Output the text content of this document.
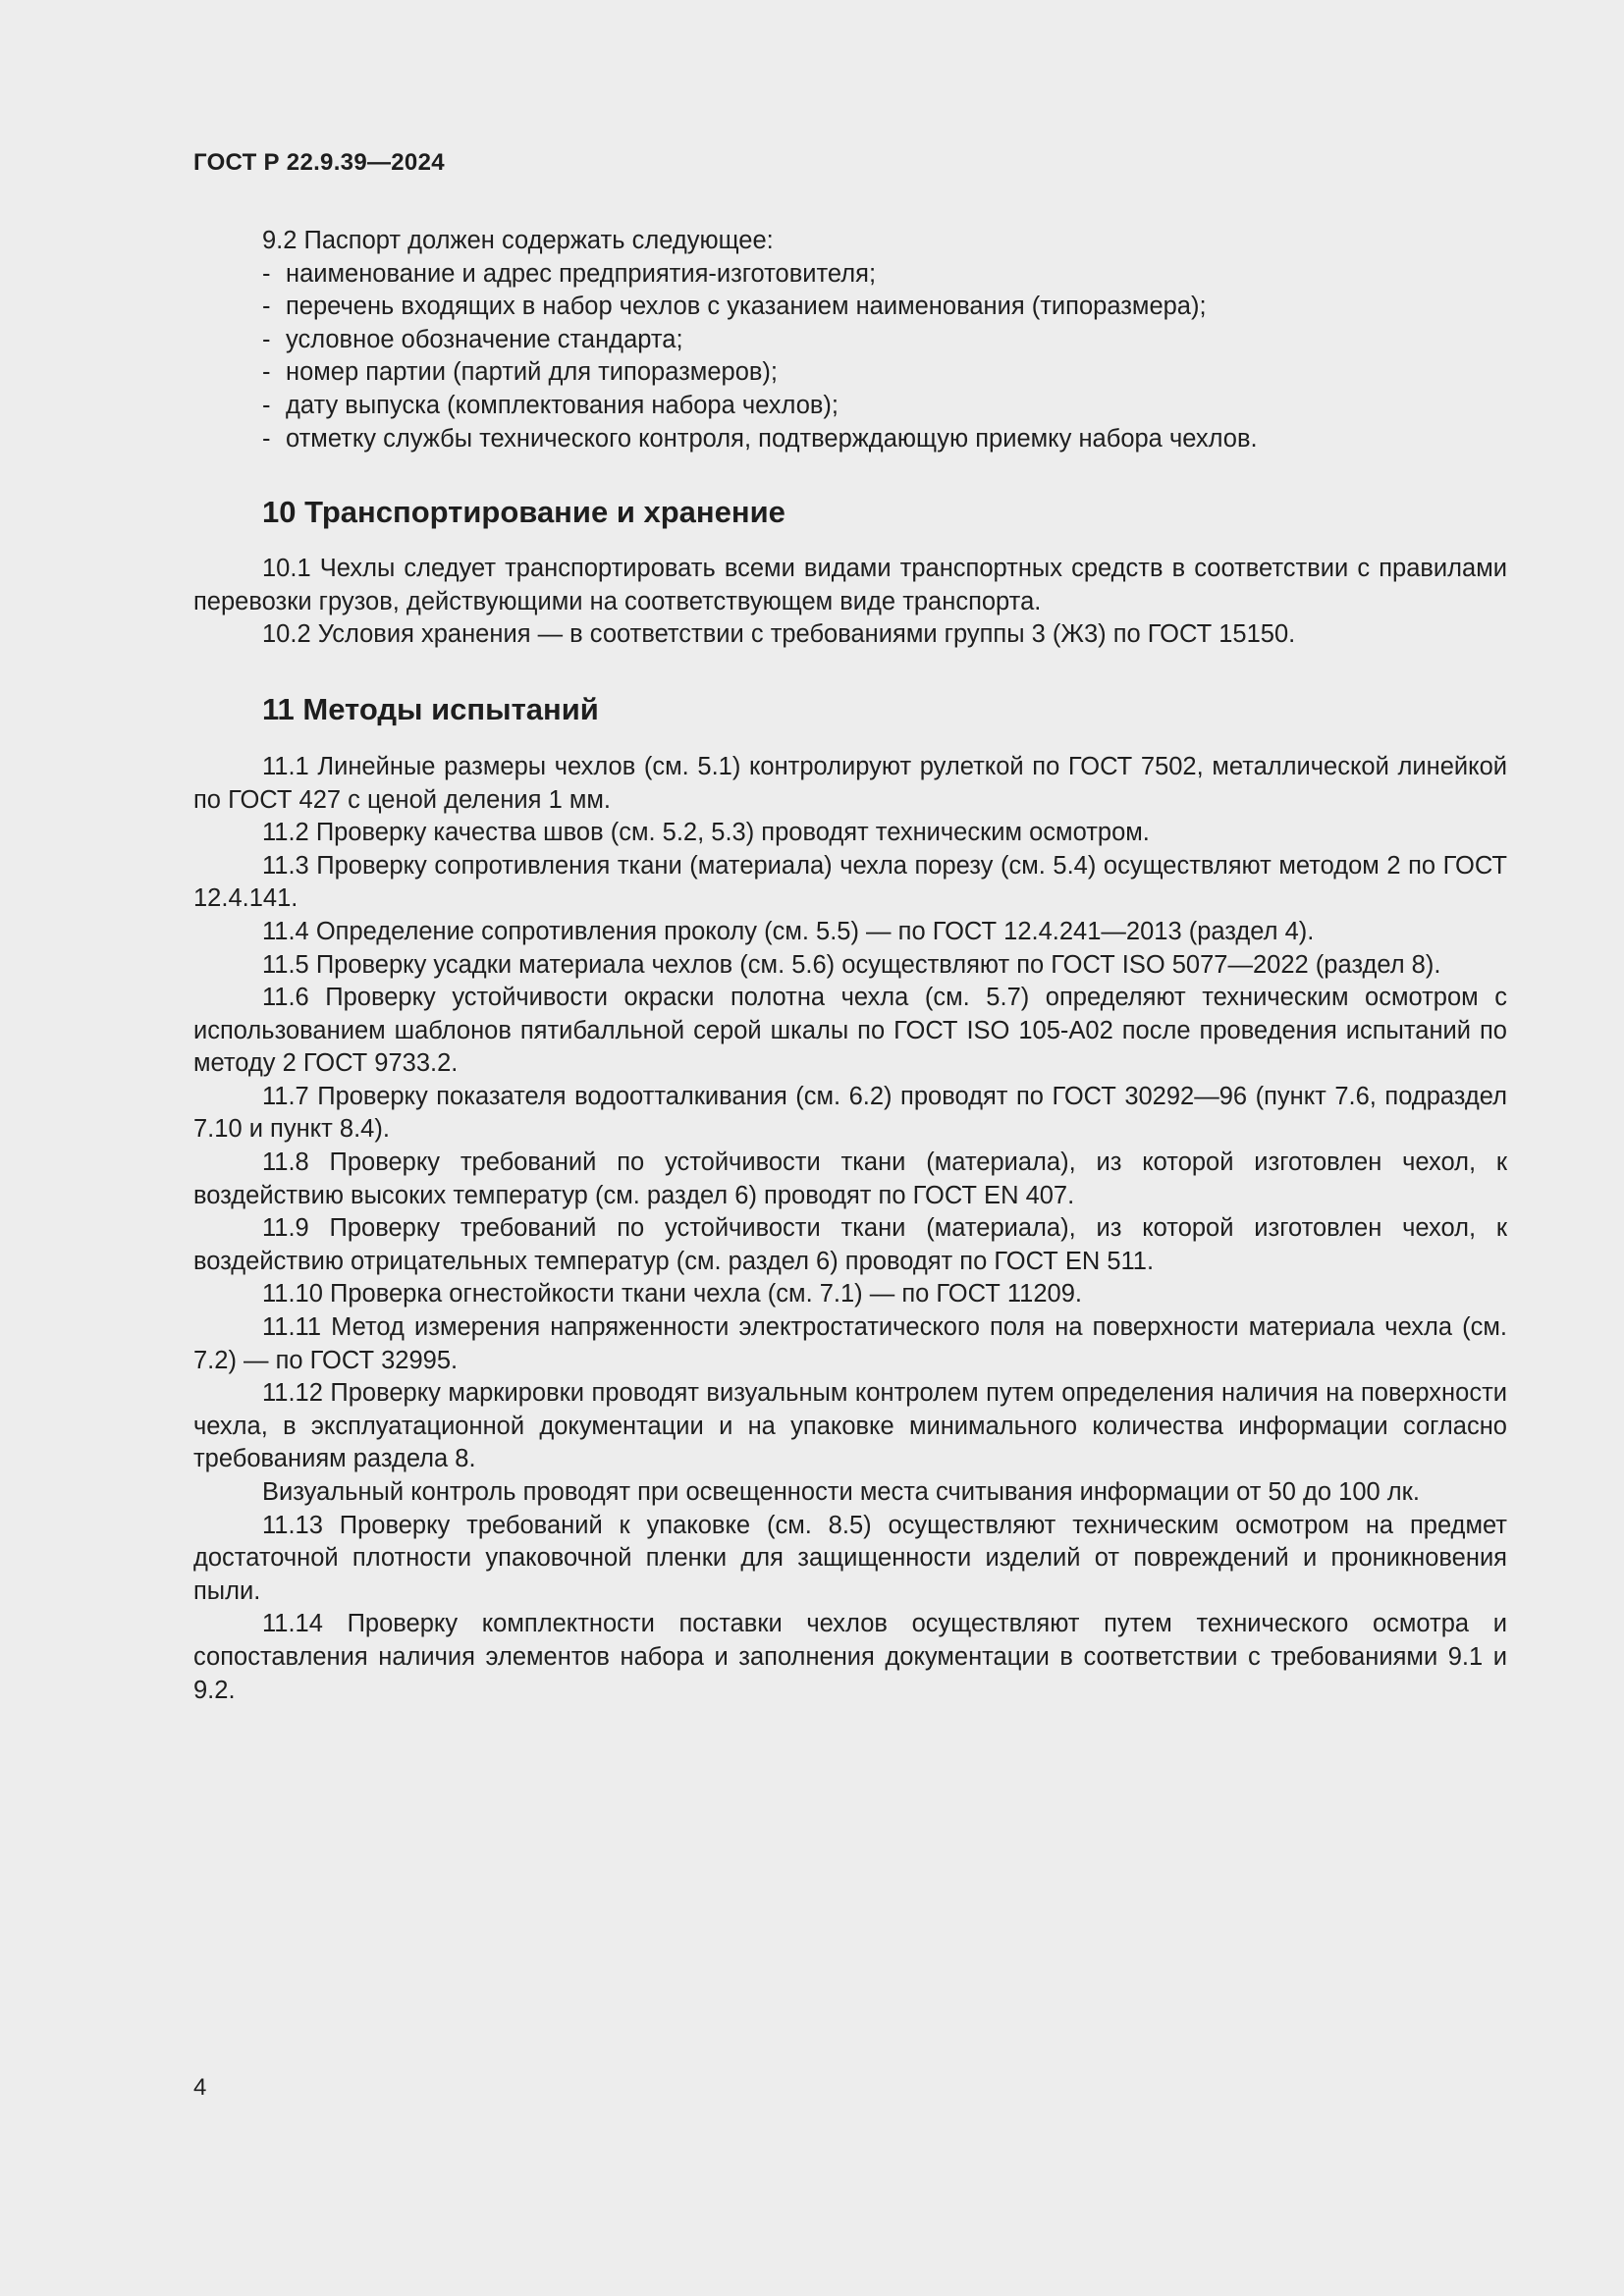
ГОСТ Р 22.9.39—2024

9.2 Паспорт должен содержать следующее:

- наименование и адрес предприятия-изготовителя;
- перечень входящих в набор чехлов с указанием наименования (типоразмера);
- условное обозначение стандарта;
- номер партии (партий для типоразмеров);
- дату выпуска (комплектования набора чехлов);
- отметку службы технического контроля, подтверждающую приемку набора чехлов.
10 Транспортирование и хранение

10.1 Чехлы следует транспортировать всеми видами транспортных средств в соответствии с правилами перевозки грузов, действующими на соответствующем виде транспорта.

10.2 Условия хранения — в соответствии с требованиями группы 3 (Ж3) по ГОСТ 15150.

11 Методы испытаний

11.1 Линейные размеры чехлов (см. 5.1) контролируют рулеткой по ГОСТ 7502, металлической линейкой по ГОСТ 427 с ценой деления 1 мм.

11.2 Проверку качества швов (см. 5.2, 5.3) проводят техническим осмотром.

11.3 Проверку сопротивления ткани (материала) чехла порезу (см. 5.4) осуществляют методом 2 по ГОСТ 12.4.141.

11.4 Определение сопротивления проколу (см. 5.5) — по ГОСТ 12.4.241—2013 (раздел 4).

11.5 Проверку усадки материала чехлов (см. 5.6) осуществляют по ГОСТ ISO 5077—2022 (раздел 8).

11.6 Проверку устойчивости окраски полотна чехла (см. 5.7) определяют техническим осмотром с использованием шаблонов пятибалльной серой шкалы по ГОСТ ISO 105-A02 после проведения испытаний по методу 2 ГОСТ 9733.2.

11.7 Проверку показателя водоотталкивания (см. 6.2) проводят по ГОСТ 30292—96 (пункт 7.6, подраздел 7.10 и пункт 8.4).

11.8 Проверку требований по устойчивости ткани (материала), из которой изготовлен чехол, к воздействию высоких температур (см. раздел 6) проводят по ГОСТ EN 407.

11.9 Проверку требований по устойчивости ткани (материала), из которой изготовлен чехол, к воздействию отрицательных температур (см. раздел 6) проводят по ГОСТ EN 511.

11.10 Проверка огнестойкости ткани чехла (см. 7.1) — по ГОСТ 11209.

11.11 Метод измерения напряженности электростатического поля на поверхности материала чехла (см. 7.2) — по ГОСТ 32995.

11.12 Проверку маркировки проводят визуальным контролем путем определения наличия на поверхности чехла, в эксплуатационной документации и на упаковке минимального количества информации согласно требованиям раздела 8.

Визуальный контроль проводят при освещенности места считывания информации от 50 до 100 лк.

11.13 Проверку требований к упаковке (см. 8.5) осуществляют техническим осмотром на предмет достаточной плотности упаковочной пленки для защищенности изделий от повреждений и проникновения пыли.

11.14 Проверку комплектности поставки чехлов осуществляют путем технического осмотра и сопоставления наличия элементов набора и заполнения документации в соответствии с требованиями 9.1 и 9.2.

4
